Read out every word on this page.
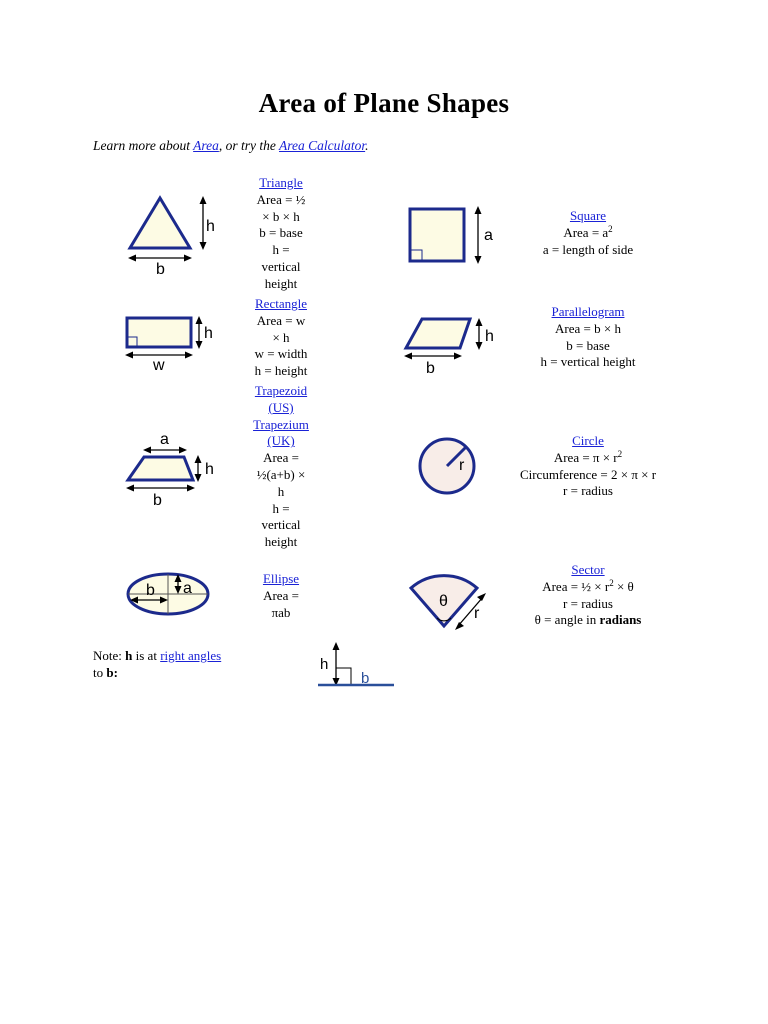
Area of Plane Shapes
Learn more about Area, or try the Area Calculator.
h
b
Triangle
Area = ½
× b × h
b = base
h =
vertical
height
a
Square
Area = $a^2$
a = length of side
h
w
Rectangle
Area = w
× h
w = width
h = height
h
b
Parallelogram
Area = b × h
b = base
h = vertical height
a
h
b
Trapezoid
(US)
Trapezium
(UK)
Area =
½(a+b) ×
h
h =
vertical
height
r
Circle
Area = $\pi \times r^2$
Circumference = 2 × π × r
r = radius
b a
Ellipse
Area =
πab
θ
r
Sector
Area = ½ × $r^2 \times \theta$
r = radius
θ = angle in radians
Note: h is at right angles
to b:	h
b
